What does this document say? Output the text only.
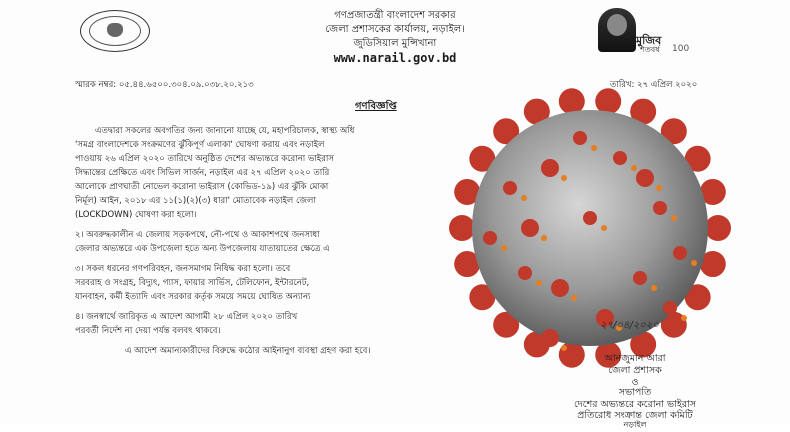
গণপ্রজাতন্ত্রী বাংলাদেশ সরকার
জেলা প্রশাসকের কার্যালয়, নড়াইল।
জুডিসিয়াল মুন্সিখানা
www.narail.gov.bd
মুজিব
শতবর্ষ 100
স্মারক নম্বর: ০৫.৪৪.৬৫০০.৩০৪.০৯.০৩৮.২০.২১৩	তারিখ: ২৭ এপ্রিল ২০২০
গণবিজ্ঞপ্তি
এতদ্বারা সকলের অবগতির জন্য জানানো যাচ্ছে যে, মহাপরিচালক, স্বাস্থ্য অধি
'সমগ্র বাংলাদেশকে সংক্রমণের ঝুঁকিপূর্ণ এলাকা' ঘোষণা করায় এবং নড়াইল
পাওয়ায় ২৬ এপ্রিল ২০২০ তারিখে অনুষ্ঠিত দেশের অভ্যন্তরে করোনা ভাইরাস
সিদ্ধান্তের প্রেক্ষিতে এবং সিভিল সার্জন, নড়াইল এর ২৭ এপ্রিল ২০২০ তারি
আলোকে প্রাণঘাতী নোভেল করোনা ভাইরাস (কোভিড-১৯) এর ঝুঁকি মোকা
নির্মূল) আইন, ২০১৮ এর ১১(১)(২)(৩) ধারা' মোতাবেক নড়াইল জেলা
(LOCKDOWN) ঘোষণা করা হলো।
২। অবরুদ্ধকালীন এ জেলায় সড়কপথে, নৌ-পথে ও আকাশপথে জনসাধা
জেলার অভ্যন্তরে এক উপজেলা হতে অন্য উপজেলায় যাতায়াতের ক্ষেত্রে এ
৩। সকল ধরনের গণপরিবহন, জনসমাগম নিষিদ্ধ করা হলো। তবে
সরবরাহ ও সংগ্রহ, বিদ্যুৎ, গ্যাস, ফায়ার সার্ভিস, টেলিফোন, ইন্টারনেট,
যানবাহন, কর্মী ইত্যাদি এবং সরকার কর্তৃক সময়ে সময়ে ঘোষিত অন্যান্য
৪। জনস্বার্থে জারিকৃত এ আদেশ আগামী ২৮ এপ্রিল ২০২০ তারিখ
পরবর্তী নির্দেশ না দেয়া পর্যন্ত বলবৎ থাকবে।
এ আদেশ অমান্যকারীদের বিরুদ্ধে কঠোর আইনানুগ ব্যবস্থা গ্রহণ করা হবে।
২৭/০৪/২০২০
আনজুমান আরা
জেলা প্রশাসক
ও
সভাপতি
দেশের অভ্যন্তরে করোনা ভাইরাস
প্রতিরোধ সংক্রান্ত জেলা কমিটি
নড়াইল
